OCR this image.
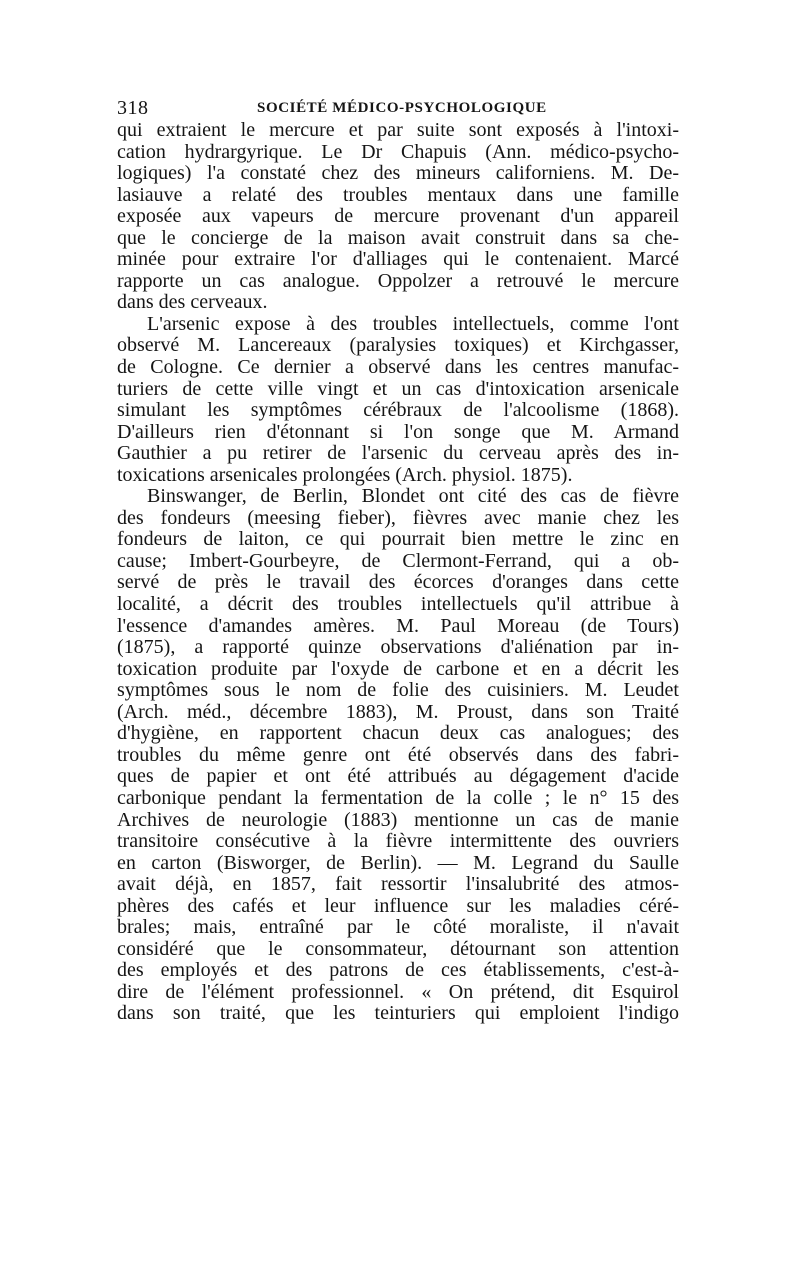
318	SOCIÉTÉ MÉDICO-PSYCHOLOGIQUE
qui extraient le mercure et par suite sont exposés à l'intoxi-
cation hydrargyrique. Le Dr Chapuis (Ann. médico-psycho-
logiques) l'a constaté chez des mineurs californiens. M. De-
lasiauve a relaté des troubles mentaux dans une famille
exposée aux vapeurs de mercure provenant d'un appareil
que le concierge de la maison avait construit dans sa che-
minée pour extraire l'or d'alliages qui le contenaient. Marcé
rapporte un cas analogue. Oppolzer a retrouvé le mercure
dans des cerveaux.
L'arsenic expose à des troubles intellectuels, comme l'ont
observé M. Lancereaux (paralysies toxiques) et Kirchgasser,
de Cologne. Ce dernier a observé dans les centres manufac-
turiers de cette ville vingt et un cas d'intoxication arsenicale
simulant les symptômes cérébraux de l'alcoolisme (1868).
D'ailleurs rien d'étonnant si l'on songe que M. Armand
Gauthier a pu retirer de l'arsenic du cerveau après des in-
toxications arsenicales prolongées (Arch. physiol. 1875).
Binswanger, de Berlin, Blondet ont cité des cas de fièvre
des fondeurs (meesing fieber), fièvres avec manie chez les
fondeurs de laiton, ce qui pourrait bien mettre le zinc en
cause; Imbert-Gourbeyre, de Clermont-Ferrand, qui a ob-
servé de près le travail des écorces d'oranges dans cette
localité, a décrit des troubles intellectuels qu'il attribue à
l'essence d'amandes amères. M. Paul Moreau (de Tours)
(1875), a rapporté quinze observations d'aliénation par in-
toxication produite par l'oxyde de carbone et en a décrit les
symptômes sous le nom de folie des cuisiniers. M. Leudet
(Arch. méd., décembre 1883), M. Proust, dans son Traité
d'hygiène, en rapportent chacun deux cas analogues; des
troubles du même genre ont été observés dans des fabri-
ques de papier et ont été attribués au dégagement d'acide
carbonique pendant la fermentation de la colle ; le n° 15 des
Archives de neurologie (1883) mentionne un cas de manie
transitoire consécutive à la fièvre intermittente des ouvriers
en carton (Bisworger, de Berlin). — M. Legrand du Saulle
avait déjà, en 1857, fait ressortir l'insalubrité des atmos-
phères des cafés et leur influence sur les maladies céré-
brales; mais, entraîné par le côté moraliste, il n'avait
considéré que le consommateur, détournant son attention
des employés et des patrons de ces établissements, c'est-à-
dire de l'élément professionnel. « On prétend, dit Esquirol
dans son traité, que les teinturiers qui emploient l'indigo
